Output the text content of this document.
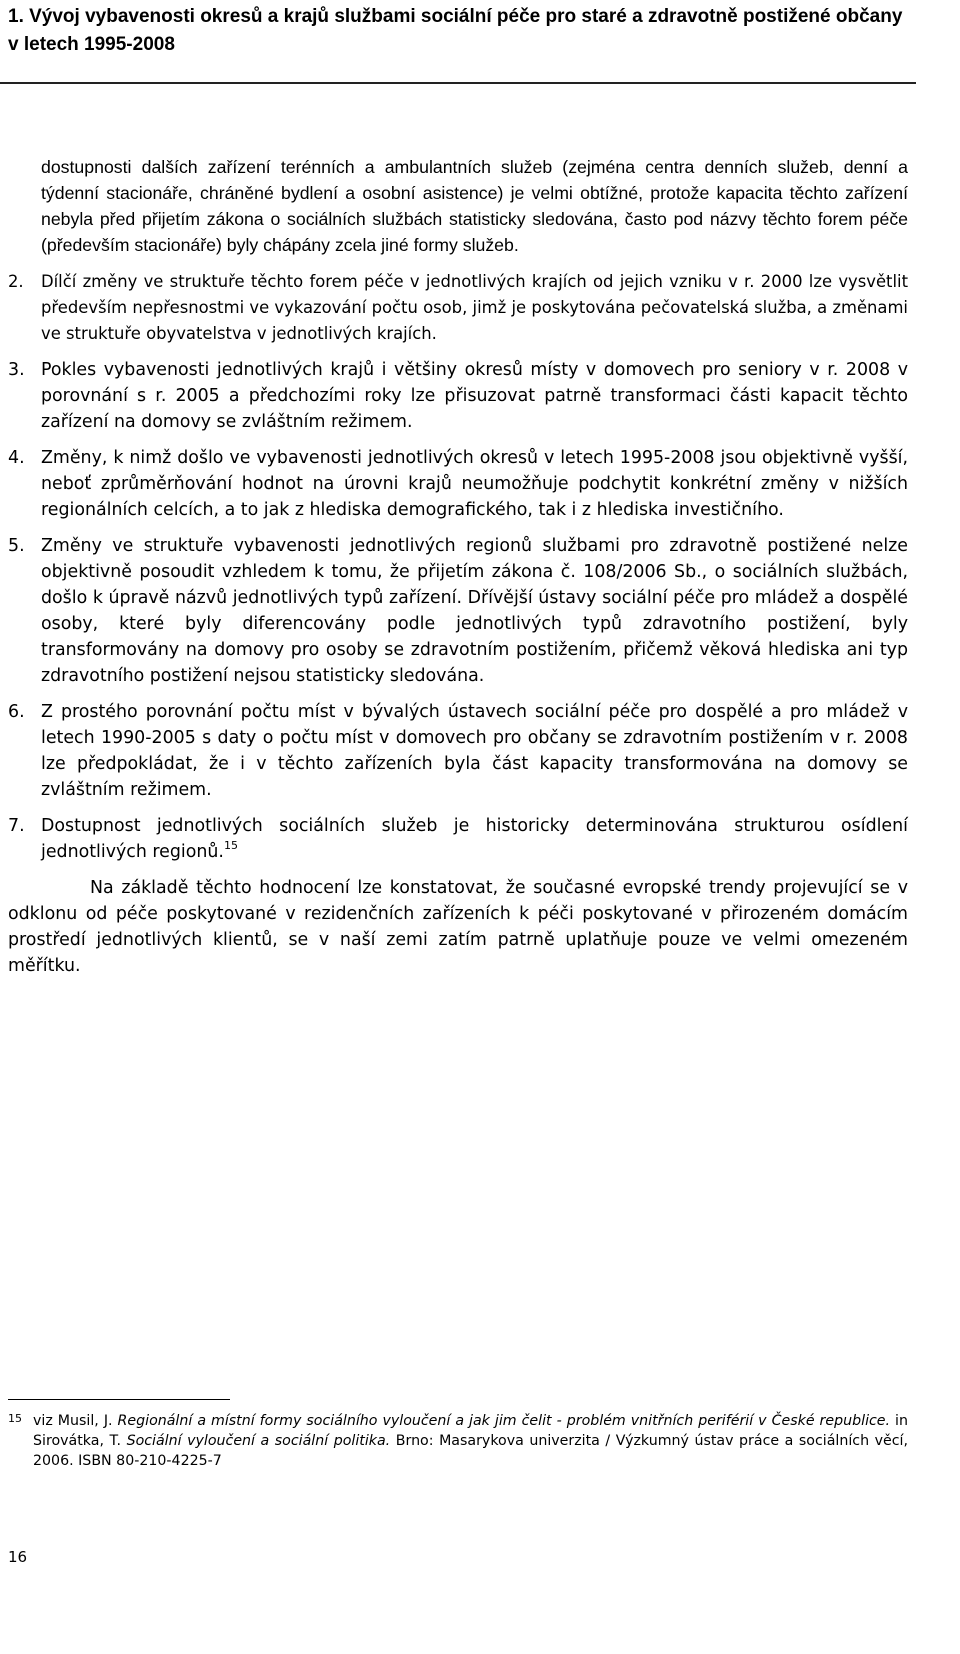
1. Vývoj vybavenosti okresů a krajů službami sociální péče pro staré a zdravotně postižené občany v letech 1995-2008

dostupnosti dalších zařízení terénních a ambulantních služeb (zejména centra denních služeb, denní a týdenní stacionáře, chráněné bydlení a osobní asistence) je velmi obtížné, protože kapacita těchto zařízení nebyla před přijetím zákona o sociálních službách statisticky sledována, často pod názvy těchto forem péče (především stacionáře) byly chápány zcela jiné formy služeb.

2. Dílčí změny ve struktuře těchto forem péče v jednotlivých krajích od jejich vzniku v r. 2000 lze vysvětlit především nepřesnostmi ve vykazování počtu osob, jimž je poskytována pečovatelská služba, a změnami ve struktuře obyvatelstva v jednotlivých krajích.
3. Pokles vybavenosti jednotlivých krajů i většiny okresů místy v domovech pro seniory v r. 2008 v porovnání s r. 2005 a předchozími roky lze přisuzovat patrně transformaci části kapacit těchto zařízení na domovy se zvláštním režimem.
4. Změny, k nimž došlo ve vybavenosti jednotlivých okresů v letech 1995-2008 jsou objektivně vyšší, neboť zprůměrňování hodnot na úrovni krajů neumožňuje podchytit konkrétní změny v nižších regionálních celcích, a to jak z hlediska demografického, tak i z hlediska investičního.
5. Změny ve struktuře vybavenosti jednotlivých regionů službami pro zdravotně postižené nelze objektivně posoudit vzhledem k tomu, že přijetím zákona č. 108/2006 Sb., o sociálních službách, došlo k úpravě názvů jednotlivých typů zařízení. Dřívější ústavy sociální péče pro mládež a dospělé osoby, které byly diferencovány podle jednotlivých typů zdravotního postižení, byly transformovány na domovy pro osoby se zdravotním postižením, přičemž věková hlediska ani typ zdravotního postižení nejsou statisticky sledována.
6. Z prostého porovnání počtu míst v bývalých ústavech sociální péče pro dospělé a pro mládež v letech 1990-2005 s daty o počtu míst v domovech pro občany se zdravotním postižením v r. 2008 lze předpokládat, že i v těchto zařízeních byla část kapacity transformována na domovy se zvláštním režimem.
7. Dostupnost jednotlivých sociálních služeb je historicky determinována strukturou osídlení jednotlivých regionů.$^{15}$

Na základě těchto hodnocení lze konstatovat, že současné evropské trendy projevující se v odklonu od péče poskytované v rezidenčních zařízeních k péči poskytované v přirozeném domácím prostředí jednotlivých klientů, se v naší zemi zatím patrně uplatňuje pouze ve velmi omezeném měřítku.

15 viz Musil, J. Regionální a místní formy sociálního vyloučení a jak jim čelit - problém vnitřních periférií v České republice. in Sirovátka, T. Sociální vyloučení a sociální politika. Brno: Masarykova univerzita / Výzkumný ústav práce a sociálních věcí, 2006. ISBN 80-210-4225-7
16
